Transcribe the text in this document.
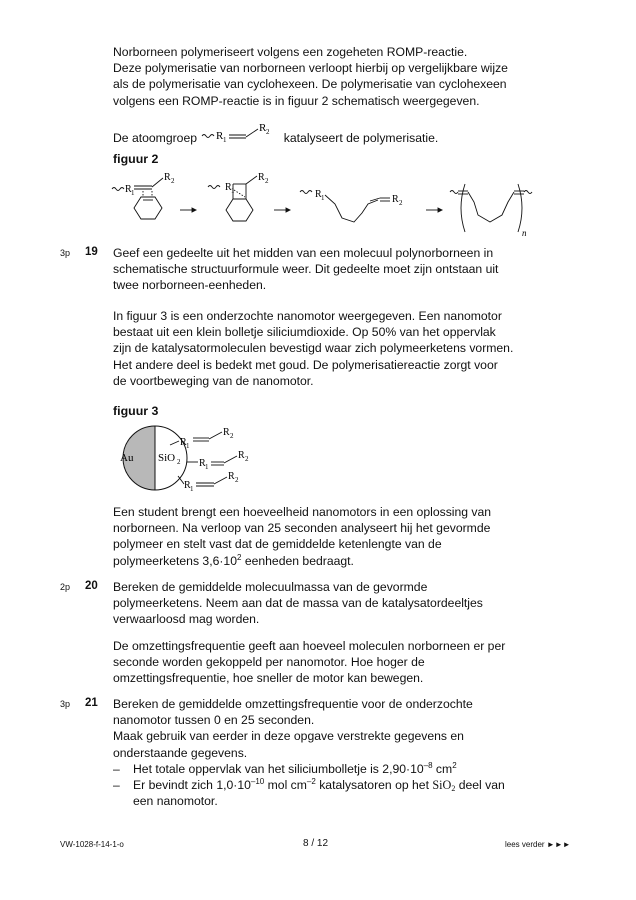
Norborneen polymeriseert volgens een zogeheten ROMP-reactie.
Deze polymerisatie van norborneen verloopt hierbij op vergelijkbare wijze
als de polymerisatie van cyclohexeen. De polymerisatie van cyclohexeen
volgens een ROMP-reactie is in figuur 2 schematisch weergegeven.
De atoomgroep R 1
R 2 katalyseert de polymerisatie.
figuur 2
R 1
R 2
R 1
R 2
R 1	R 2
n
3p 19 Geef een gedeelte uit het midden van een molecuul polynorborneen in
schematische structuurformule weer. Dit gedeelte moet zijn ontstaan uit
twee norborneen-eenheden.
In figuur 3 is een onderzochte nanomotor weergegeven. Een nanomotor
bestaat uit een klein bolletje siliciumdioxide. Op 50% van het oppervlak
zijn de katalysatormoleculen bevestigd waar zich polymeerketens vormen.
Het andere deel is bedekt met goud. De polymerisatiereactie zorgt voor
de voortbeweging van de nanomotor.
figuur 3
Au SiO 2
R 1
R 2
R 1
R 2
R 1
R 2
Een student brengt een hoeveelheid nanomotors in een oplossing van
norborneen. Na verloop van 25 seconden analyseert hij het gevormde
polymeer en stelt vast dat de gemiddelde ketenlengte van de
polymeerketens $3,6\cdot 10^2$ eenheden bedraagt.
2p 20 Bereken de gemiddelde molecuulmassa van de gevormde
polymeerketens. Neem aan dat de massa van de katalysatordeeltjes
verwaarloosd mag worden.
De omzettingsfrequentie geeft aan hoeveel moleculen norborneen er per
seconde worden gekoppeld per nanomotor. Hoe hoger de
omzettingsfrequentie, hoe sneller de motor kan bewegen.
3p 21 Bereken de gemiddelde omzettingsfrequentie voor de onderzochte
nanomotor tussen 0 en 25 seconden.
Maak gebruik van eerder in deze opgave verstrekte gegevens en
onderstaande gegevens.
– Het totale oppervlak van het siliciumbolletje is $2,90\cdot 10^{-8}$ $cm^2$
– Er bevindt zich $1,0\cdot 10^{-10}$ mol $cm^{-2}$ katalysatoren op het SiO$_2$ deel van
een nanomotor.
VW-1028-f-14-1-o	8 / 12	lees verder ►►►
